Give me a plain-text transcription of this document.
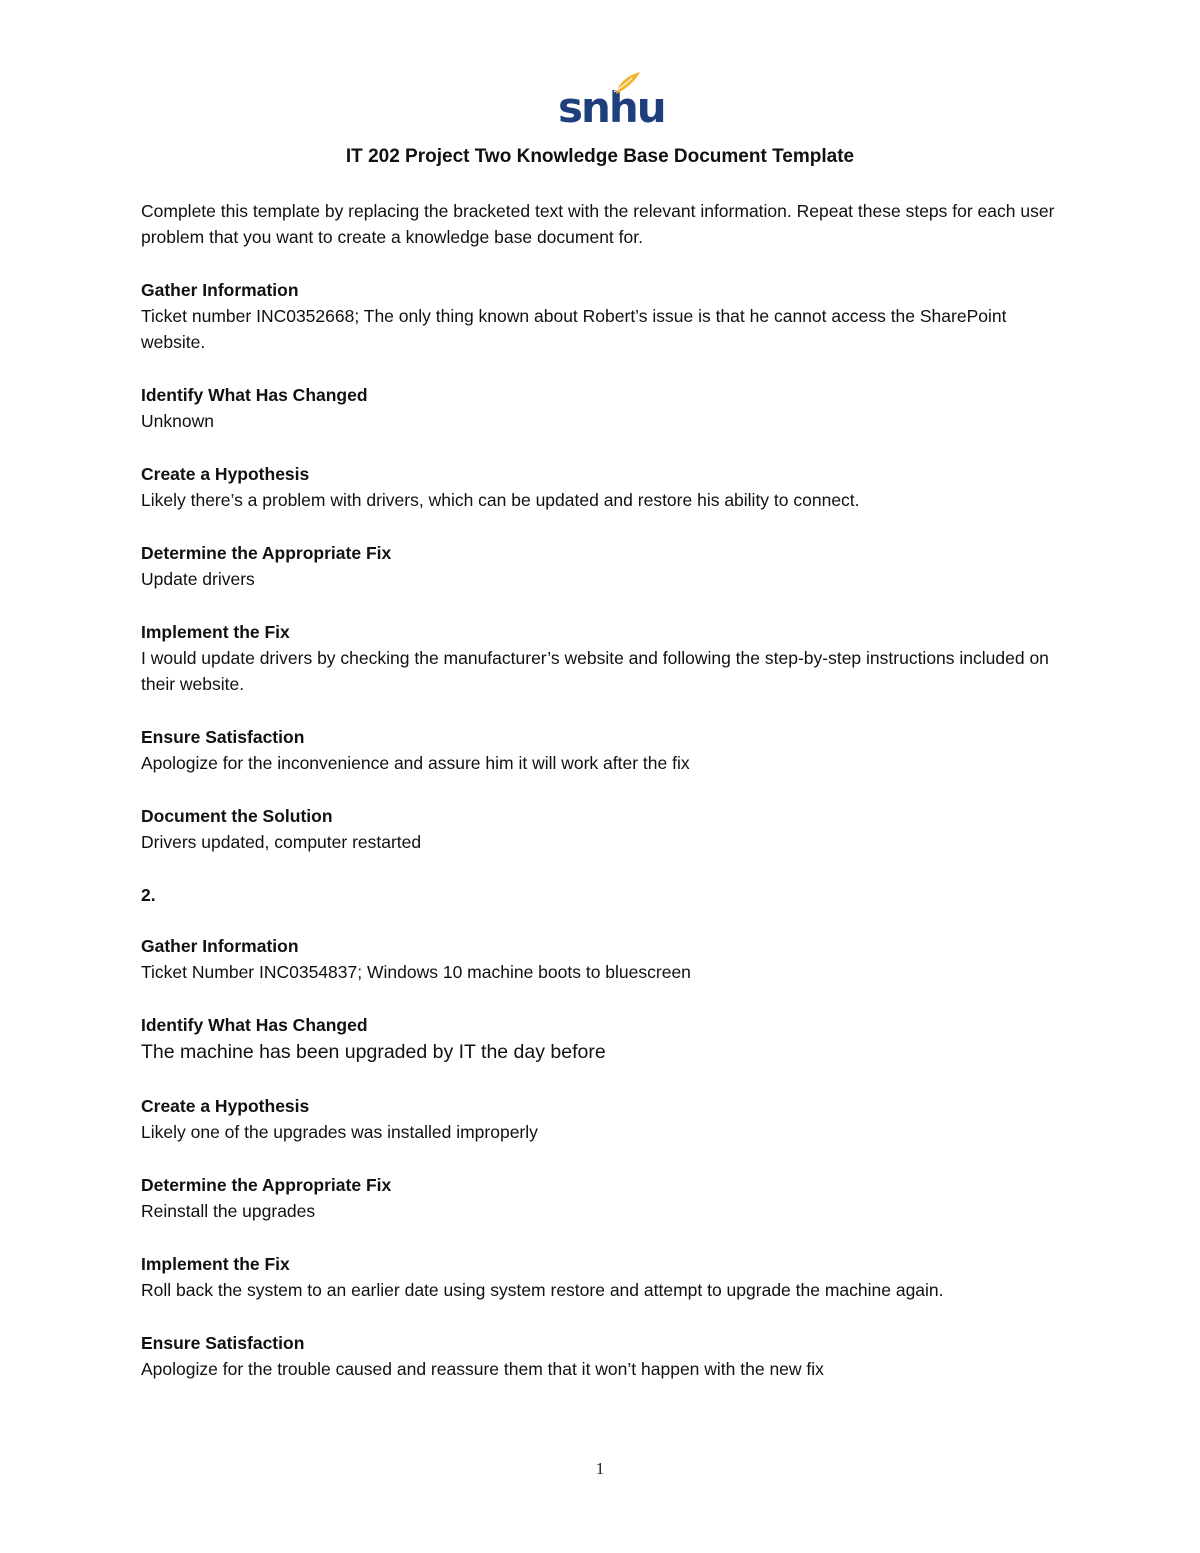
snhu
IT 202 Project Two Knowledge Base Document Template

Complete this template by replacing the bracketed text with the relevant information. Repeat these steps for each user problem that you want to create a knowledge base document for.

Gather Information

Ticket number INC0352668; The only thing known about Robert’s issue is that he cannot access the SharePoint website.

Identify What Has Changed

Unknown

Create a Hypothesis

Likely there’s a problem with drivers, which can be updated and restore his ability to connect.

Determine the Appropriate Fix

Update drivers

Implement the Fix

I would update drivers by checking the manufacturer’s website and following the step-by-step instructions included on their website.

Ensure Satisfaction

Apologize for the inconvenience and assure him it will work after the fix

Document the Solution

Drivers updated, computer restarted

2.

Gather Information

Ticket Number INC0354837; Windows 10 machine boots to bluescreen

Identify What Has Changed

The machine has been upgraded by IT the day before

Create a Hypothesis

Likely one of the upgrades was installed improperly

Determine the Appropriate Fix

Reinstall the upgrades

Implement the Fix

Roll back the system to an earlier date using system restore and attempt to upgrade the machine again.

Ensure Satisfaction

Apologize for the trouble caused and reassure them that it won’t happen with the new fix

1
